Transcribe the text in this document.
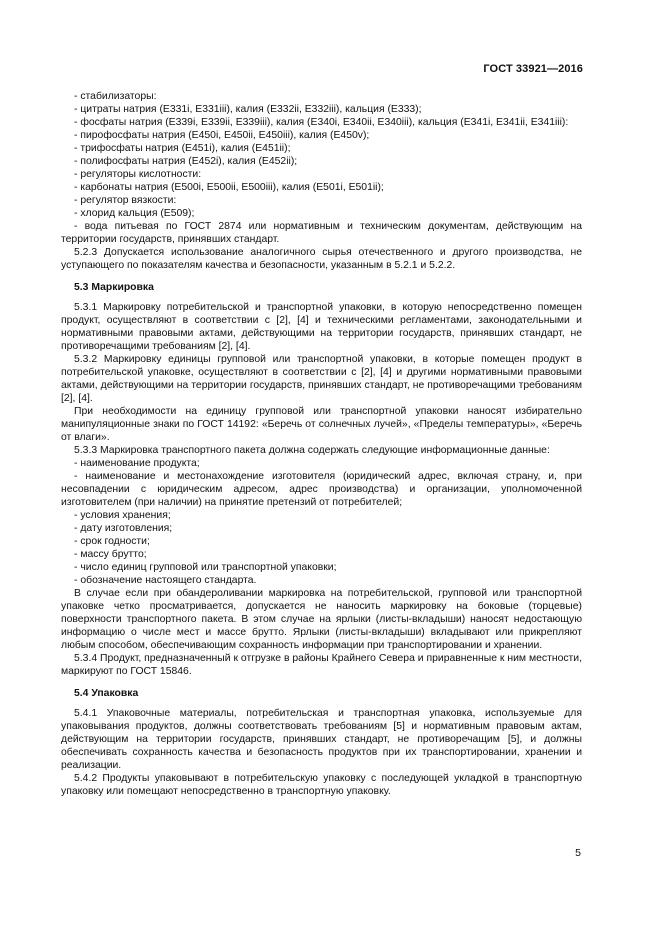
ГОСТ 33921—2016

- стабилизаторы:

- цитраты натрия (Е331i, Е331iii), калия (Е332ii, Е332iii), кальция (Е333);

- фосфаты натрия (Е339i, Е339ii, Е339iii), калия (Е340i, Е340ii, Е340iii), кальция (Е341i, Е341ii, Е341iii):

- пирофосфаты натрия (Е450i, Е450ii, Е450iii), калия (Е450v);

- трифосфаты натрия (Е451i), калия (Е451ii);

- полифосфаты натрия (Е452i), калия (Е452ii);

- регуляторы кислотности:

- карбонаты натрия (Е500i, Е500ii, Е500iii), калия (Е501i, Е501ii);

- регулятор вязкости:

- хлорид кальция (Е509);

- вода питьевая по ГОСТ 2874 или нормативным и техническим документам, действующим на территории государств, принявших стандарт.

5.2.3 Допускается использование аналогичного сырья отечественного и другого производства, не уступающего по показателям качества и безопасности, указанным в 5.2.1 и 5.2.2.

5.3 Маркировка

5.3.1 Маркировку потребительской и транспортной упаковки, в которую непосредственно помещен продукт, осуществляют в соответствии с [2], [4] и техническими регламентами, законодательными и нормативными правовыми актами, действующими на территории государств, принявших стандарт, не противоречащими требованиям [2], [4].

5.3.2 Маркировку единицы групповой или транспортной упаковки, в которые помещен продукт в потребительской упаковке, осуществляют в соответствии с [2], [4] и другими нормативными правовыми актами, действующими на территории государств, принявших стандарт, не противоречащими требованиям [2], [4].

При необходимости на единицу групповой или транспортной упаковки наносят избирательно манипуляционные знаки по ГОСТ 14192: «Беречь от солнечных лучей», «Пределы температуры», «Беречь от влаги».

5.3.3 Маркировка транспортного пакета должна содержать следующие информационные данные:

- наименование продукта;

- наименование и местонахождение изготовителя (юридический адрес, включая страну, и, при несовпадении с юридическим адресом, адрес производства) и организации, уполномоченной изготовителем (при наличии) на принятие претензий от потребителей;

- условия хранения;

- дату изготовления;

- срок годности;

- массу брутто;

- число единиц групповой или транспортной упаковки;

- обозначение настоящего стандарта.

В случае если при обандероливании маркировка на потребительской, групповой или транспортной упаковке четко просматривается, допускается не наносить маркировку на боковые (торцевые) поверхности транспортного пакета. В этом случае на ярлыки (листы-вкладыши) наносят недостающую информацию о числе мест и массе брутто. Ярлыки (листы-вкладыши) вкладывают или прикрепляют любым способом, обеспечивающим сохранность информации при транспортировании и хранении.

5.3.4 Продукт, предназначенный к отгрузке в районы Крайнего Севера и приравненные к ним местности, маркируют по ГОСТ 15846.

5.4 Упаковка

5.4.1 Упаковочные материалы, потребительская и транспортная упаковка, используемые для упаковывания продуктов, должны соответствовать требованиям [5] и нормативным правовым актам, действующим на территории государств, принявших стандарт, не противоречащим [5], и должны обеспечивать сохранность качества и безопасность продуктов при их транспортировании, хранении и реализации.

5.4.2 Продукты упаковывают в потребительскую упаковку с последующей укладкой в транспортную упаковку или помещают непосредственно в транспортную упаковку.

5
